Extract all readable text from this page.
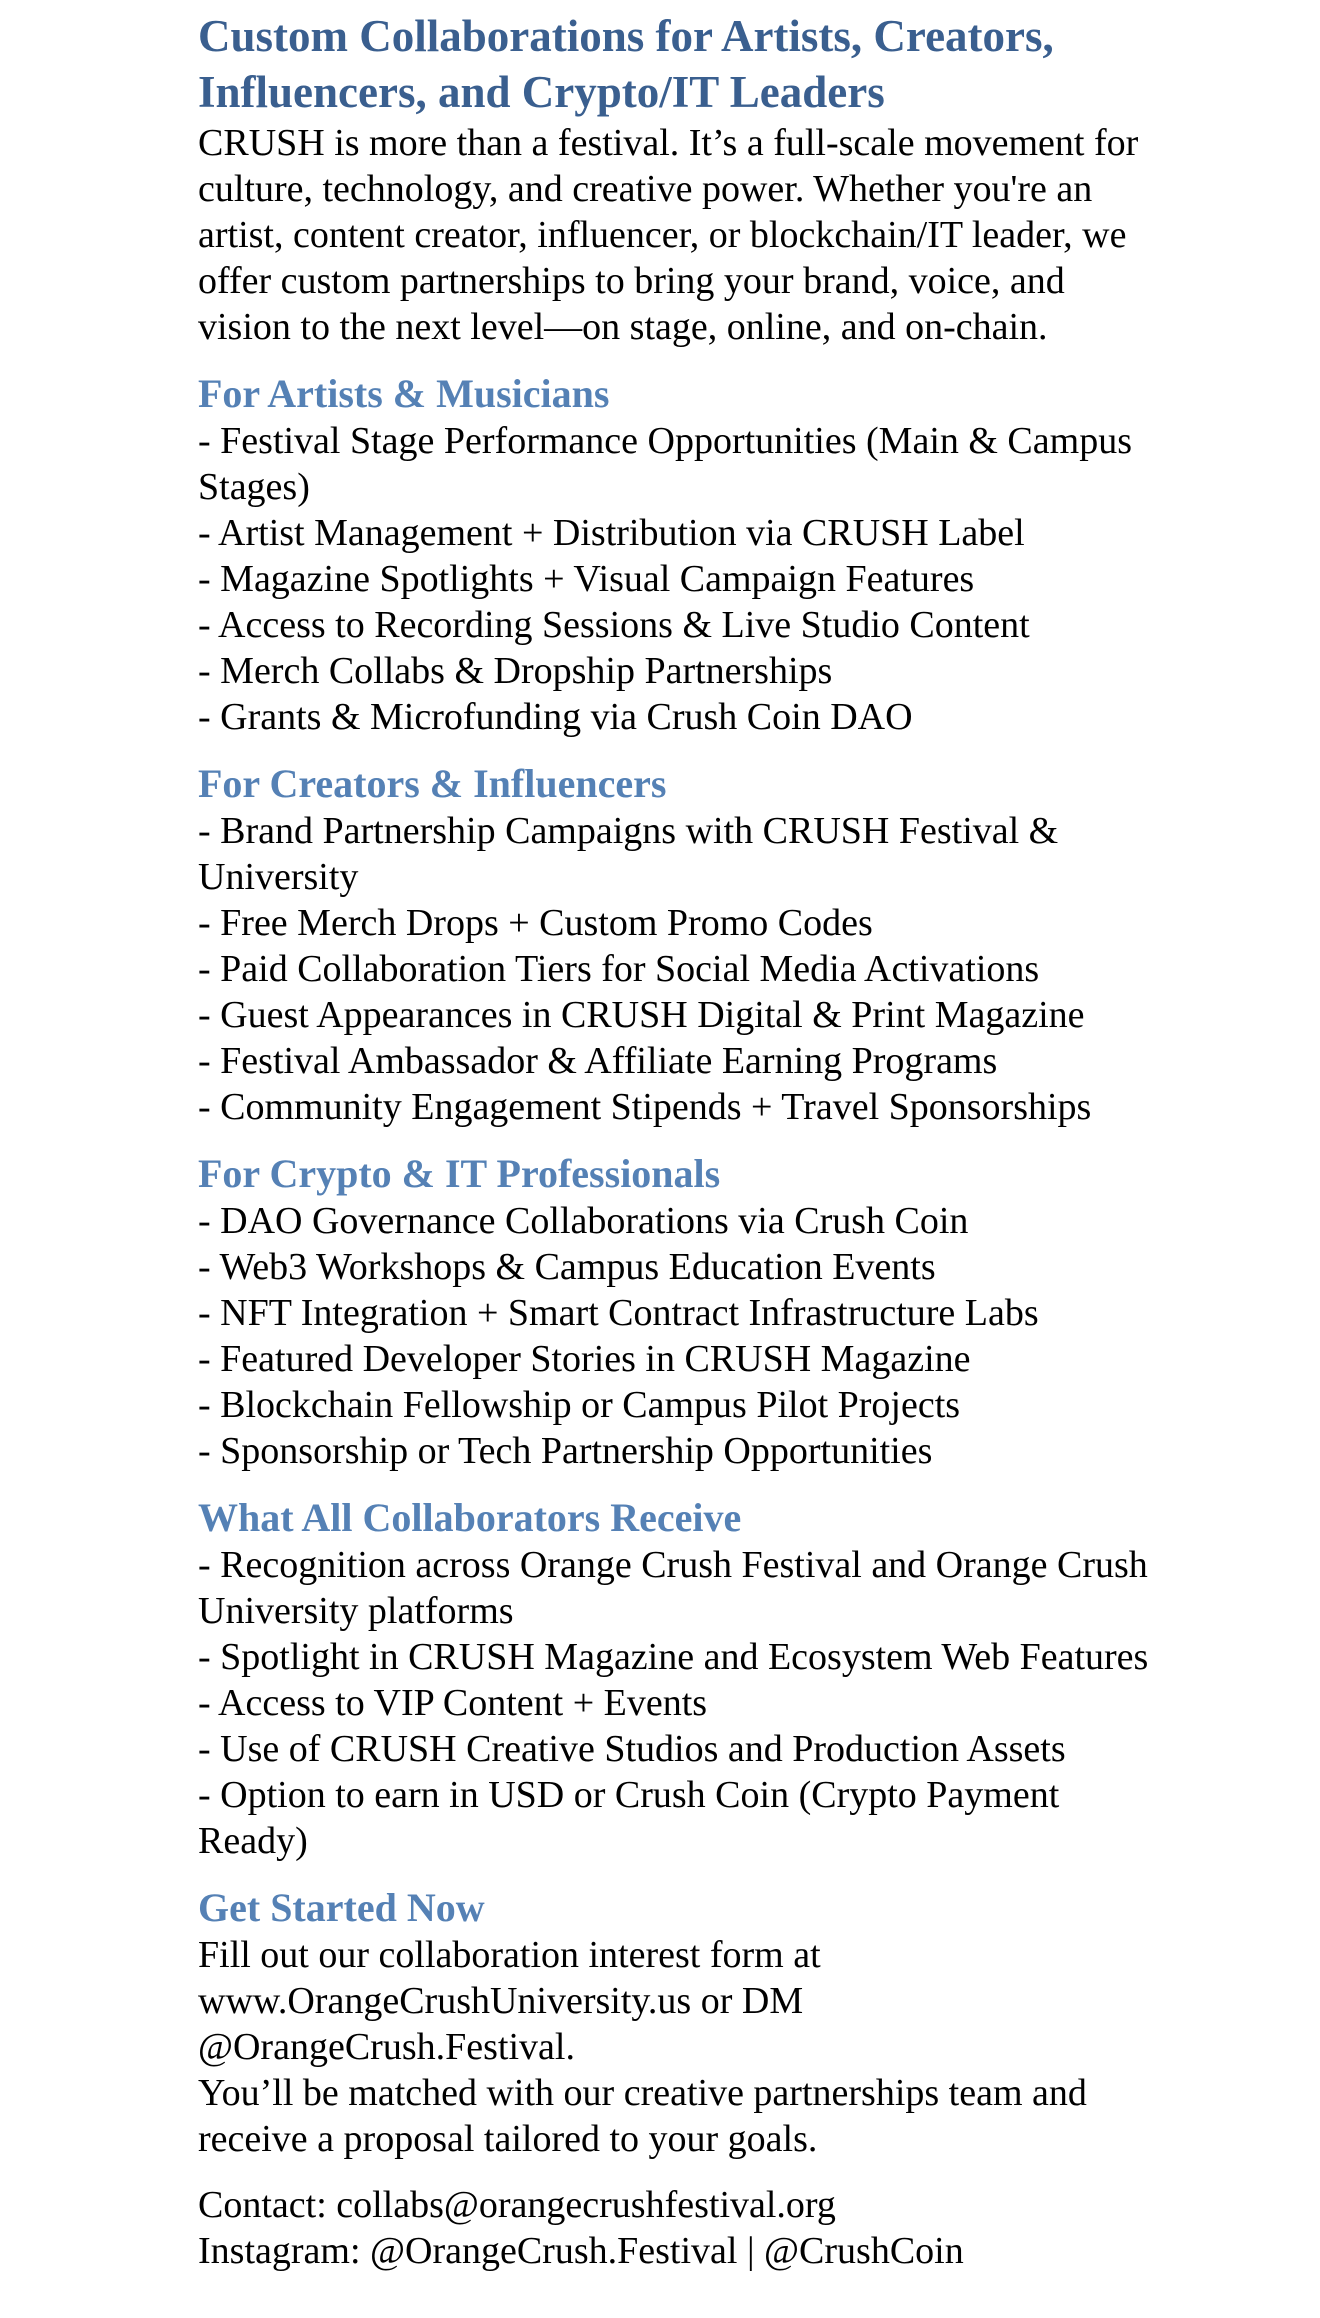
Custom Collaborations for Artists, Creators, Influencers, and Crypto/IT Leaders

CRUSH is more than a festival. It’s a full-scale movement for culture, technology, and creative power. Whether you're an artist, content creator, influencer, or blockchain/IT leader, we offer custom partnerships to bring your brand, voice, and vision to the next level—on stage, online, and on-chain.

For Artists & Musicians
- Festival Stage Performance Opportunities (Main & Campus Stages)
- Artist Management + Distribution via CRUSH Label
- Magazine Spotlights + Visual Campaign Features
- Access to Recording Sessions & Live Studio Content
- Merch Collabs & Dropship Partnerships
- Grants & Microfunding via Crush Coin DAO
For Creators & Influencers
- Brand Partnership Campaigns with CRUSH Festival & University
- Free Merch Drops + Custom Promo Codes
- Paid Collaboration Tiers for Social Media Activations
- Guest Appearances in CRUSH Digital & Print Magazine
- Festival Ambassador & Affiliate Earning Programs
- Community Engagement Stipends + Travel Sponsorships
For Crypto & IT Professionals
- DAO Governance Collaborations via Crush Coin
- Web3 Workshops & Campus Education Events
- NFT Integration + Smart Contract Infrastructure Labs
- Featured Developer Stories in CRUSH Magazine
- Blockchain Fellowship or Campus Pilot Projects
- Sponsorship or Tech Partnership Opportunities
What All Collaborators Receive
- Recognition across Orange Crush Festival and Orange Crush University platforms
- Spotlight in CRUSH Magazine and Ecosystem Web Features
- Access to VIP Content + Events
- Use of CRUSH Creative Studios and Production Assets
- Option to earn in USD or Crush Coin (Crypto Payment Ready)
Get Started Now

Fill out our collaboration interest form at www.OrangeCrushUniversity.us or DM @OrangeCrush.Festival.

You’ll be matched with our creative partnerships team and receive a proposal tailored to your goals.

Contact: collabs@orangecrushfestival.org

Instagram: @OrangeCrush.Festival | @CrushCoin
